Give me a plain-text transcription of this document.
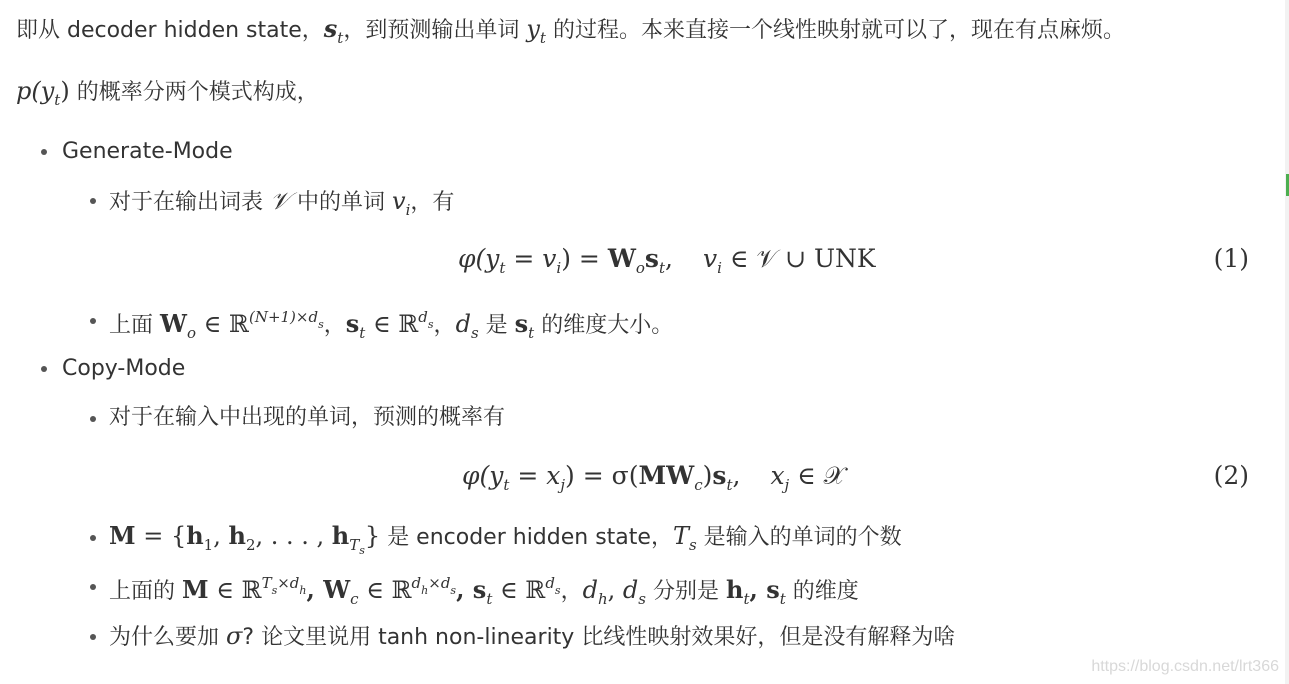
即从 decoder hidden state，$s_t$，到预测输出单词 $y_t$ 的过程。本来直接一个线性映射就可以了，现在有点麻烦。
$p(y_t)$ 的概率分两个模式构成，
Generate-Mode
对于在输出词表 𝒱 中的单词 $v_i$，有
$\varphi(y_t = v_i) = W_os_t$, $v_i$ ∈ 𝒱 ∪ UNK	(1)
上面 $W_o$ ∈ ℝ$^{(N+1)\times ds}$，$s_t$ ∈ ℝ$^{ds}$，$d_s$ 是 $s_t$ 的维度大小。
Copy-Mode
对于在输入中出现的单词，预测的概率有
$\varphi(y_t = x_j) = \sigma(MW_c)s_t$, $x_j$ ∈ 𝒳	(2)
$M = \{h_1$, $h_2$, . . . , $h_{Ts}$} 是 encoder hidden state，$T_s$ 是输入的单词的个数
上面的 M ∈ ℝ$^{Ts\times dh}$, $W_c$ ∈ ℝ$^{dh\times ds}$, $s_t$ ∈ ℝ$^{ds}$，$d_h$, $d_s$ 分别是 $h_t$, $s_t$ 的维度
为什么要加 σ? 论文里说用 tanh non-linearity 比线性映射效果好，但是没有解释为啥
https://blog.csdn.net/lrt366
